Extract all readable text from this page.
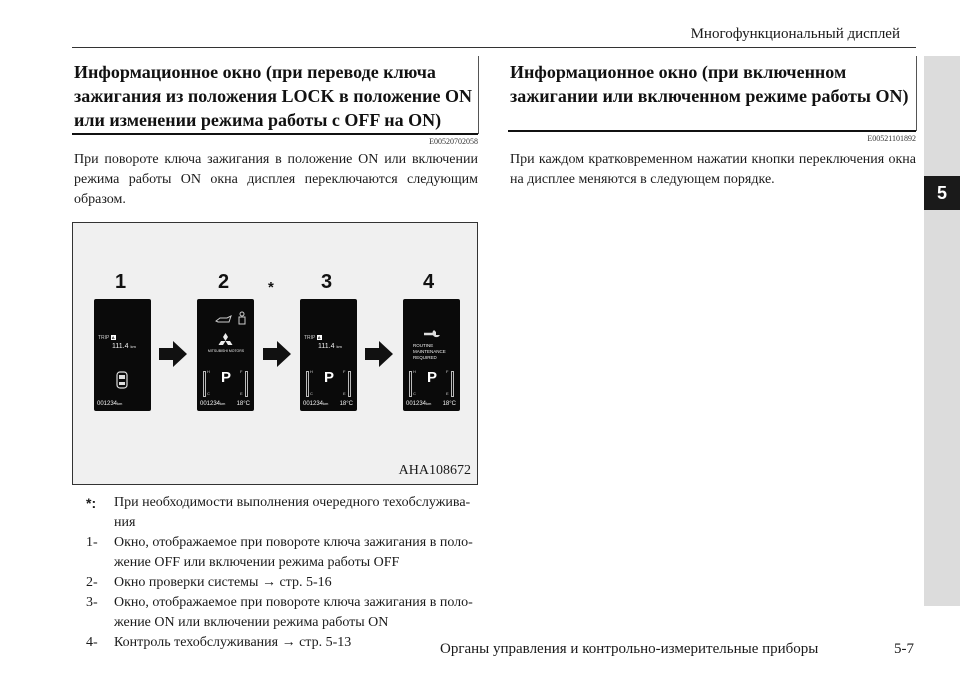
Многофункциональный дисплей
5
Информационное окно (при переводе ключа зажигания из положения LOCK в положение ON или изменении режима работы с OFF на ON)
E00520702058
При повороте ключа зажигания в положение ON или включении режима работы ON окна дисплея переключаются следующим образом.
1	2	* 3	4
TRIP A
111.4 km
001234km
MITSUBISHI MOTORS
H
C
F
E
P
001234km 18°C
TRIP A
111.4 km
H
C
F
E
P
001234km 18°C
ROUTINE
MAINTENANCE
REQUIRED
H
C
F
E
P
001234km 18°C
AHA108672
*: При необходимости выполнения очередного техобслужива-ния
1- Окно, отображаемое при повороте ключа зажигания в поло-жение OFF или включении режима работы OFF
2- Окно проверки системы → стр. 5-16
3- Окно, отображаемое при повороте ключа зажигания в поло-жение ON или включении режима работы ON
4- Контроль техобслуживания → стр. 5-13
Информационное окно (при включенном зажигании или включенном режиме работы ON)
E00521101892
При каждом кратковременном нажатии кнопки переключения окна на дисплее меняются в следующем порядке.
Органы управления и контрольно-измерительные приборы	5-7
